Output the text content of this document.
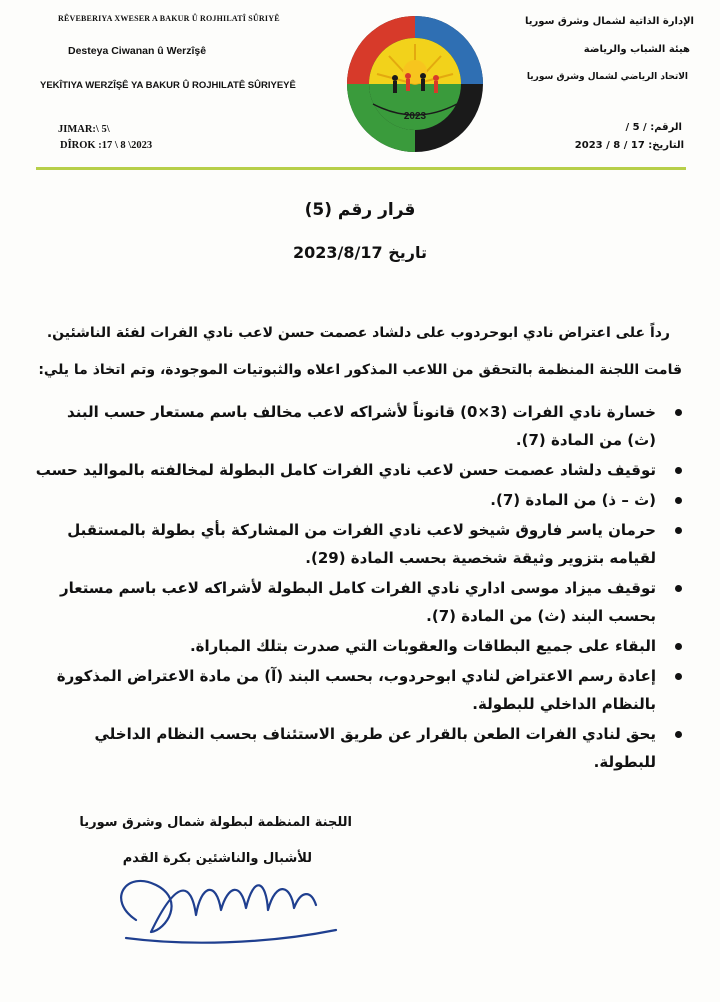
RÊVEBERIYA XWESER A BAKUR Û ROJHILATÎ SÛRIYÊ
Desteya Ciwanan û Werzîşê
YEKÎTIYA WERZÎŞÊ YA BAKUR Û ROJHILATÊ SÛRIYEYÊ
JIMAR:\ 5\
DÎROK :17 \ 8 \2023
الإدارة الذاتية لشمال وشرق سوريا
هيئة الشباب والرياضة
الاتحاد الرياضي لشمال وشرق سوريا
الرقم: / 5 /
التاريخ: 17 / 8 / 2023
2023
قرار رقم (5)
تاريخ 2023/8/17
رداً على اعتراض نادي ابوحردوب على دلشاد عصمت حسن لاعب نادي الفرات لفئة الناشئين.
قامت اللجنة المنظمة بالتحقق من اللاعب المذكور اعلاه والثبوتيات الموجودة، وتم اتخاذ ما يلي:
خسارة نادي الفرات (3×0) قانوناً لأشراكه لاعب مخالف باسم مستعار حسب البند (ث) من المادة (7).
توقيف دلشاد عصمت حسن لاعب نادي الفرات كامل البطولة لمخالفته بالمواليد حسب
(ث – ذ) من المادة (7).
حرمان ياسر فاروق شيخو لاعب نادي الفرات من المشاركة بأي بطولة بالمستقبل لقيامه بتزوير وثيقة شخصية بحسب المادة (29).
توقيف ميزاد موسى اداري نادي الفرات كامل البطولة لأشراكه لاعب باسم مستعار بحسب البند (ث) من المادة (7).
البقاء على جميع البطاقات والعقوبات التي صدرت بتلك المباراة.
إعادة رسم الاعتراض لنادي ابوحردوب، بحسب البند (آ) من مادة الاعتراض المذكورة بالنظام الداخلي للبطولة.
يحق لنادي الفرات الطعن بالقرار عن طريق الاستئناف بحسب النظام الداخلي للبطولة.
اللجنة المنظمة لبطولة شمال وشرق سوريا
للأشبال والناشئين بكرة القدم
